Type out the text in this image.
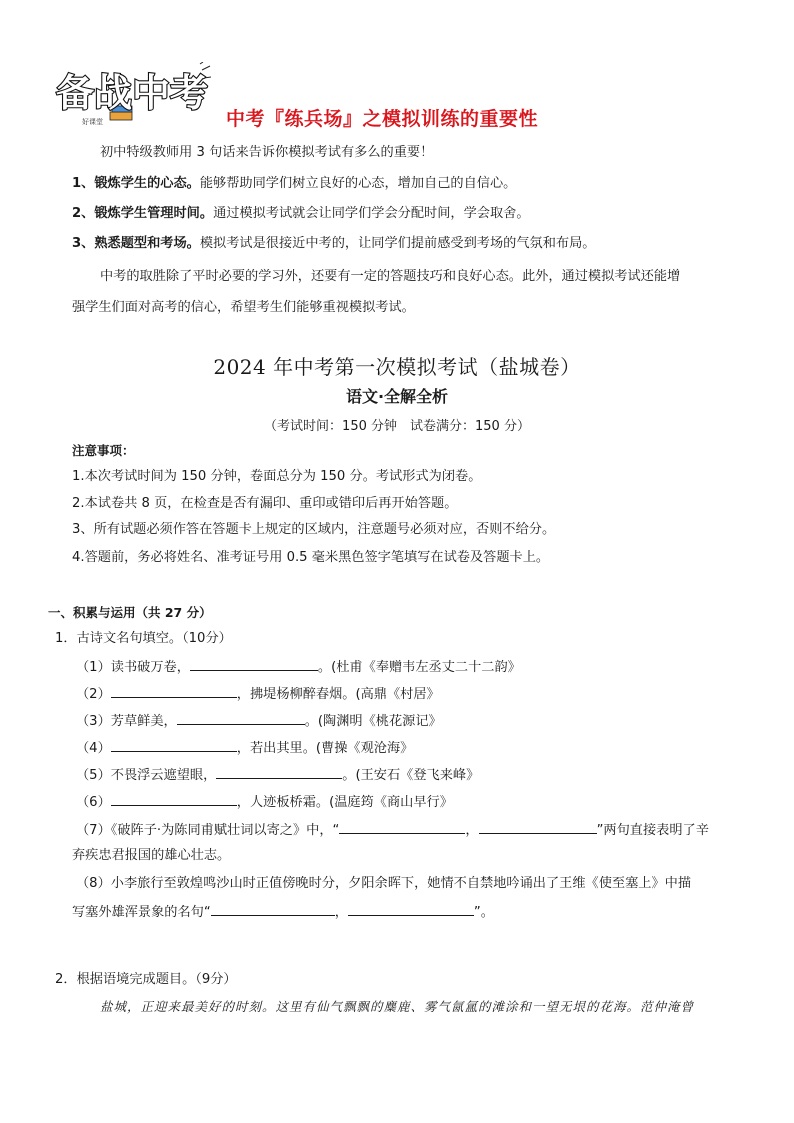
备战中考
好课堂	中考『练兵场』之模拟训练的重要性
初中特级教师用 3 句话来告诉你模拟考试有多么的重要！
1、锻炼学生的心态。能够帮助同学们树立良好的心态，增加自己的自信心。
2、锻炼学生管理时间。通过模拟考试就会让同学们学会分配时间，学会取舍。
3、熟悉题型和考场。模拟考试是很接近中考的，让同学们提前感受到考场的气氛和布局。
中考的取胜除了平时必要的学习外，还要有一定的答题技巧和良好心态。此外，通过模拟考试还能增
强学生们面对高考的信心，希望考生们能够重视模拟考试。
2024 年中考第一次模拟考试（盐城卷）
语文·全解全析
（考试时间：150 分钟　试卷满分：150 分）
注意事项：
1.本次考试时间为 150 分钟，卷面总分为 150 分。考试形式为闭卷。
2.本试卷共 8 页，在检查是否有漏印、重印或错印后再开始答题。
3、所有试题必须作答在答题卡上规定的区域内，注意题号必须对应，否则不给分。
4.答题前，务必将姓名、准考证号用 0.5 毫米黑色签字笔填写在试卷及答题卡上。
一、积累与运用（共 27 分）
1．古诗文名句填空。（10分）
（1）读书破万卷，	。(杜甫《奉赠韦左丞丈二十二韵》
（2）	，拂堤杨柳醉春烟。(高鼎《村居》
（3）芳草鲜美，	。(陶渊明《桃花源记》
（4）	，若出其里。(曹操《观沧海》
（5）不畏浮云遮望眼，	。(王安石《登飞来峰》
（6）	，人迹板桥霜。(温庭筠《商山早行》
（7）《破阵子·为陈同甫赋壮词以寄之》中，“	，	”两句直接表明了辛
弃疾忠君报国的雄心壮志。
（8）小李旅行至敦煌鸣沙山时正值傍晚时分，夕阳余晖下，她情不自禁地吟诵出了王维《使至塞上》中描
写塞外雄浑景象的名句“	，	”。
2．根据语境完成题目。（9分）
盐城，正迎来最美好的时刻。这里有仙气飘飘的麋鹿、雾气氤氲的滩涂和一望无垠的花海。范仲淹曾
